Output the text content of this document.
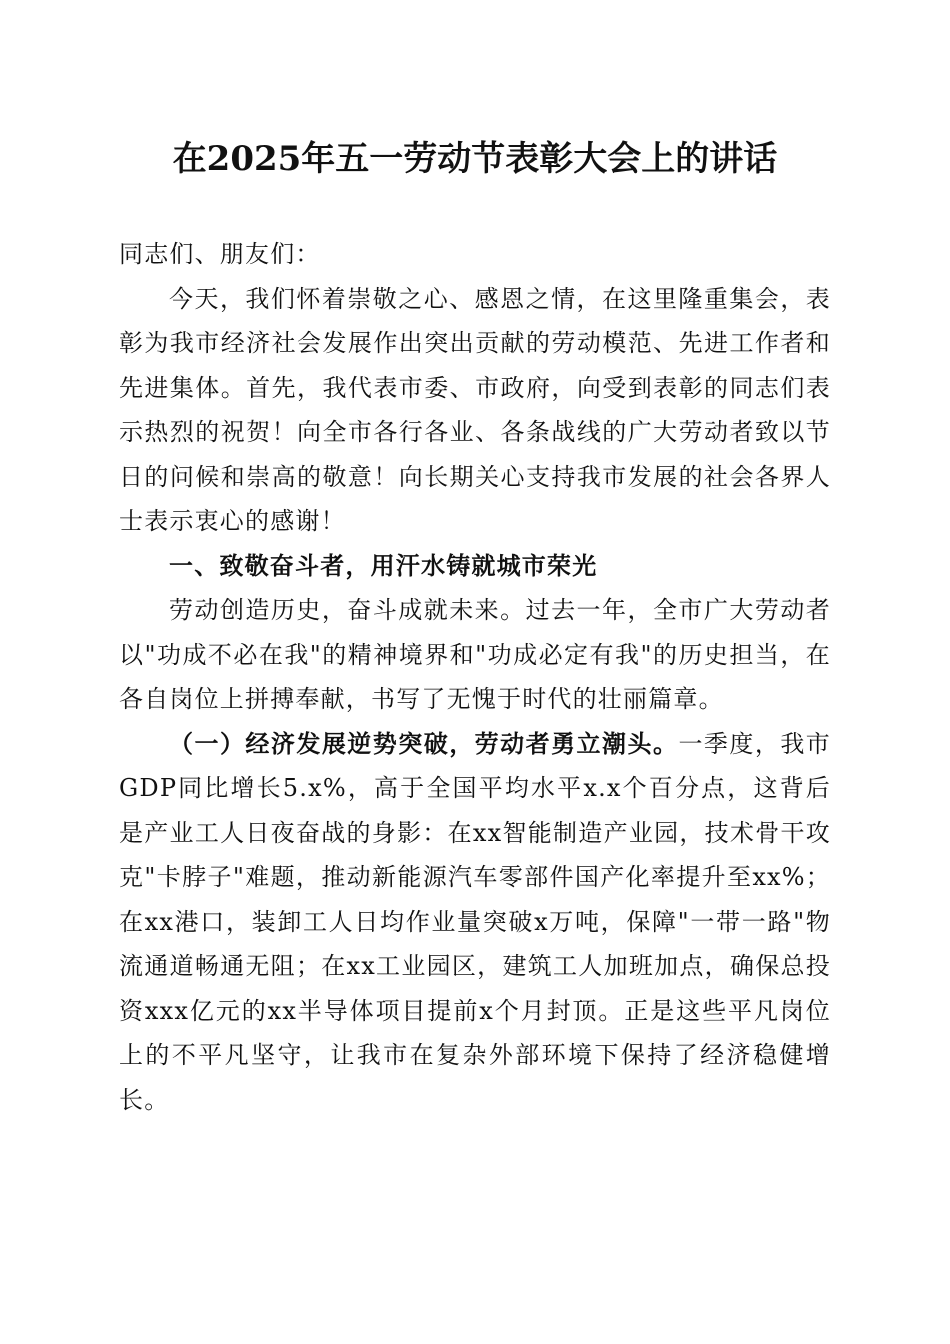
在2025年五一劳动节表彰大会上的讲话

同志们、朋友们：

今天，我们怀着崇敬之心、感恩之情，在这里隆重集会，表彰为我市经济社会发展作出突出贡献的劳动模范、先进工作者和先进集体。首先，我代表市委、市政府，向受到表彰的同志们表示热烈的祝贺！向全市各行各业、各条战线的广大劳动者致以节日的问候和崇高的敬意！向长期关心支持我市发展的社会各界人士表示衷心的感谢！

一、致敬奋斗者，用汗水铸就城市荣光

劳动创造历史，奋斗成就未来。过去一年，全市广大劳动者以"功成不必在我"的精神境界和"功成必定有我"的历史担当，在各自岗位上拼搏奉献，书写了无愧于时代的壮丽篇章。

（一）经济发展逆势突破，劳动者勇立潮头。一季度，我市GDP同比增长5.x%，高于全国平均水平x.x个百分点，这背后是产业工人日夜奋战的身影：在xx智能制造产业园，技术骨干攻克"卡脖子"难题，推动新能源汽车零部件国产化率提升至xx%；在xx港口，装卸工人日均作业量突破x万吨，保障"一带一路"物流通道畅通无阻；在xx工业园区，建筑工人加班加点，确保总投资xxx亿元的xx半导体项目提前x个月封顶。正是这些平凡岗位上的不平凡坚守，让我市在复杂外部环境下保持了经济稳健增长。
